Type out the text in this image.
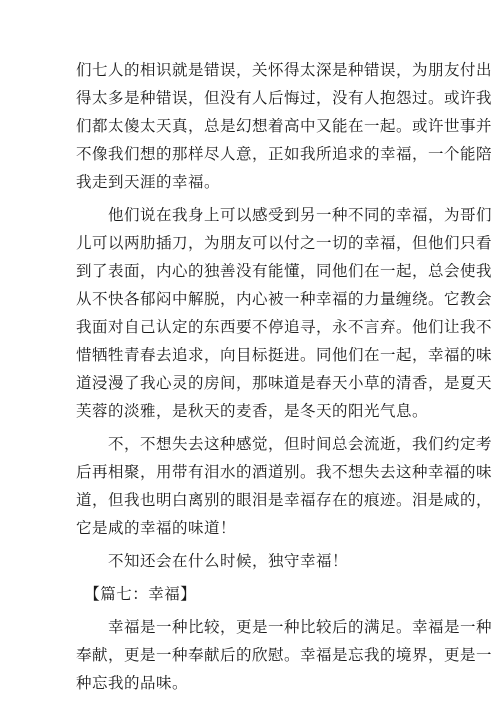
们七人的相识就是错误，关怀得太深是种错误，为朋友付出
得太多是种错误，但没有人后悔过，没有人抱怨过。或许我
们都太傻太天真，总是幻想着高中又能在一起。或许世事并
不像我们想的那样尽人意，正如我所追求的幸福，一个能陪
我走到天涯的幸福。
　　他们说在我身上可以感受到另一种不同的幸福，为哥们
儿可以两肋插刀，为朋友可以付之一切的幸福，但他们只看
到了表面，内心的独善没有能懂，同他们在一起，总会使我
从不快各郁闷中解脱，内心被一种幸福的力量缠绕。它教会
我面对自己认定的东西要不停追寻，永不言弃。他们让我不
惜牺牲青春去追求，向目标挺进。同他们在一起，幸福的味
道浸漫了我心灵的房间，那味道是春天小草的清香，是夏天
芙蓉的淡雅，是秋天的麦香，是冬天的阳光气息。
　　不，不想失去这种感觉，但时间总会流逝，我们约定考
后再相聚，用带有泪水的酒道别。我不想失去这种幸福的味
道，但我也明白离别的眼泪是幸福存在的痕迹。泪是咸的，
它是咸的幸福的味道！
　　不知还会在什么时候，独守幸福！
　【篇七：幸福】
　　幸福是一种比较，更是一种比较后的满足。幸福是一种
奉献，更是一种奉献后的欣慰。幸福是忘我的境界，更是一
种忘我的品味。
